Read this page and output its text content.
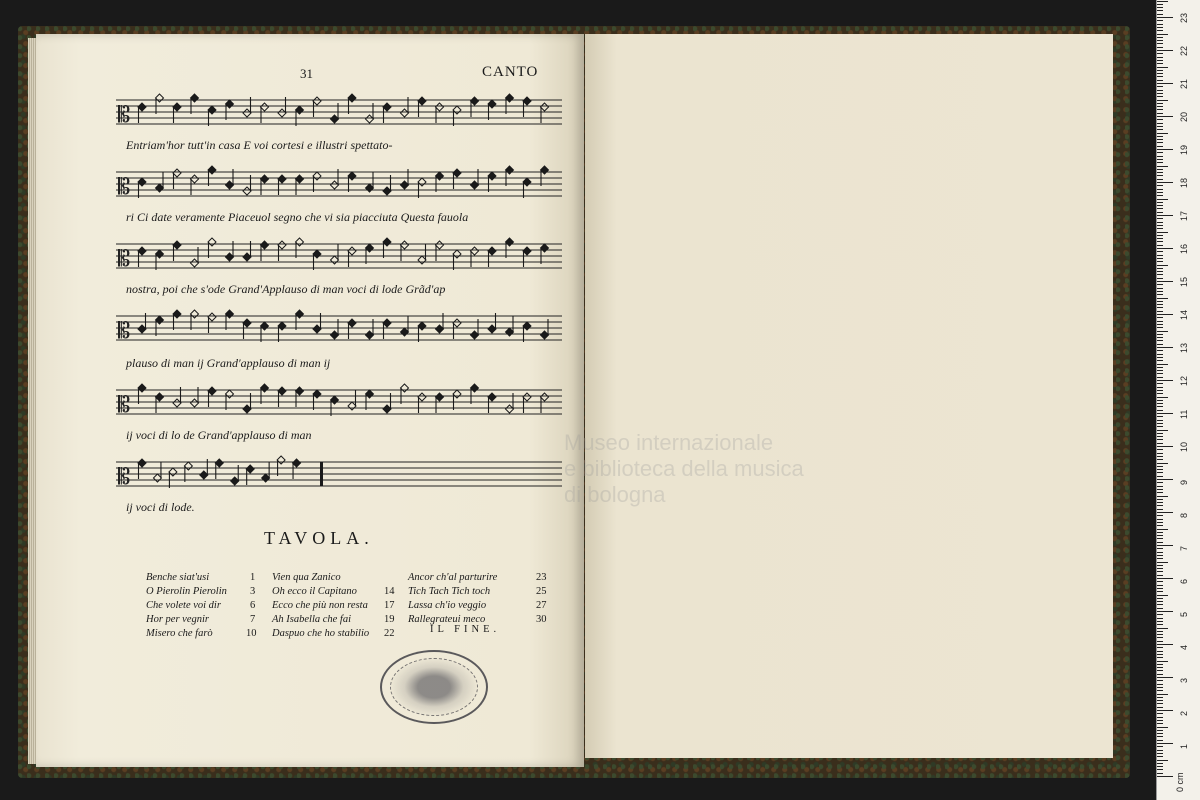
31	CANTO
𝄡
𝄡
𝄡
𝄡
𝄡
𝄡
Entriam'hor tutt'in casa E voi cortesi e illustri spettato-
ri Ci date veramente Piaceuol segno che vi sia piacciuta Questa fauola
nostra, poi che s'ode Grand'Applauso di man voci di lode Grãd'ap
plauso di man ij Grand'applauso di man ij
ij voci di lo de Grand'applauso di man
ij voci di lode.
TAVOLA.
Benche siat'usi	1
O Pierolin Pierolin 3
Che volete voi dir	6
Hor per vegnir	7
Misero che farò	10
Vien qua Zanico
Oh ecco il Capitano	14
Ecco che più non resta 17
Ah Isabella che fai	19
Daspuo che ho stabilio 22
Ancor ch'al parturire	23
Tich Tach Tich toch	25
Lassa ch'io veggio	27
Rallegrateui meco	30
IL FINE.
Museo internazionale
e biblioteca della musica
di bologna
0 cm
1
2
3
4
5
6
7
8
9
10
11
12
13
14
15
16
17
18
19
20
21
22
23
